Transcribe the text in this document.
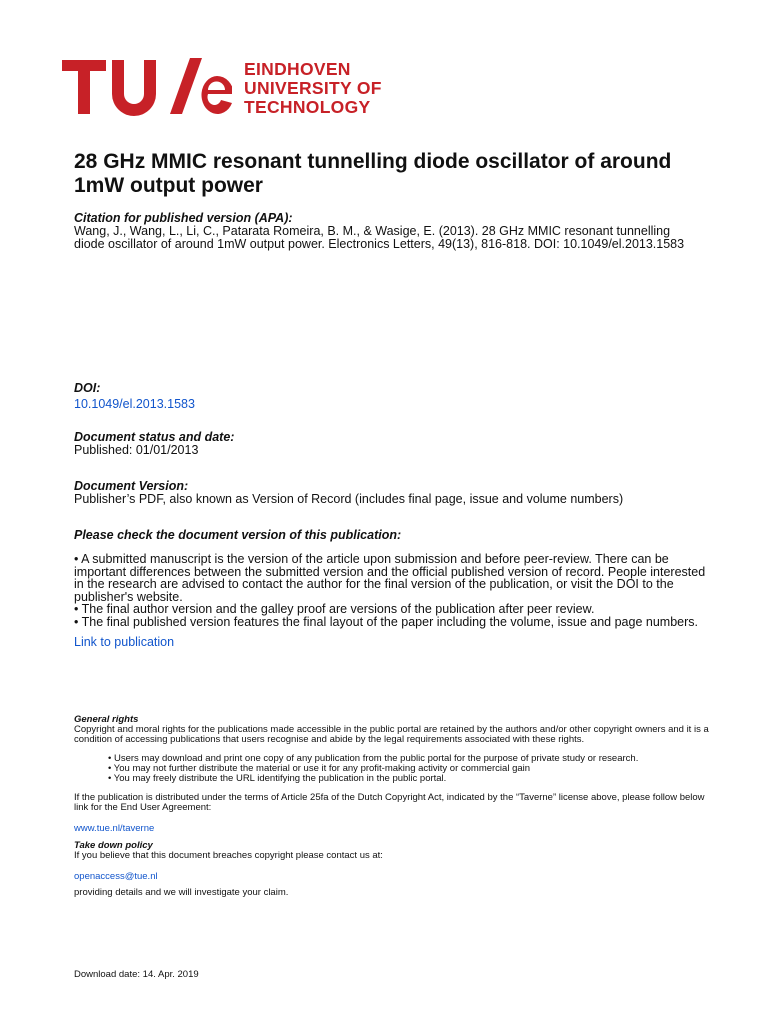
EINDHOVEN
UNIVERSITY OF
TECHNOLOGY
28 GHz MMIC resonant tunnelling diode oscillator of around 1mW output power
Citation for published version (APA):
Wang, J., Wang, L., Li, C., Patarata Romeira, B. M., & Wasige, E. (2013). 28 GHz MMIC resonant tunnelling
diode oscillator of around 1mW output power. Electronics Letters, 49(13), 816-818. DOI: 10.1049/el.2013.1583
DOI:
10.1049/el.2013.1583
Document status and date:
Published: 01/01/2013
Document Version:
Publisher’s PDF, also known as Version of Record (includes final page, issue and volume numbers)
Please check the document version of this publication:
• A submitted manuscript is the version of the article upon submission and before peer-review. There can be important differences between the submitted version and the official published version of record. People interested in the research are advised to contact the author for the final version of the publication, or visit the DOI to the publisher's website.
• The final author version and the galley proof are versions of the publication after peer review.
• The final published version features the final layout of the paper including the volume, issue and page numbers.
Link to publication
General rights
Copyright and moral rights for the publications made accessible in the public portal are retained by the authors and/or other copyright owners and it is a condition of accessing publications that users recognise and abide by the legal requirements associated with these rights.
• Users may download and print one copy of any publication from the public portal for the purpose of private study or research.
• You may not further distribute the material or use it for any profit-making activity or commercial gain
• You may freely distribute the URL identifying the publication in the public portal.
If the publication is distributed under the terms of Article 25fa of the Dutch Copyright Act, indicated by the “Taverne” license above, please follow below link for the End User Agreement:
www.tue.nl/taverne
Take down policy
If you believe that this document breaches copyright please contact us at:
openaccess@tue.nl
providing details and we will investigate your claim.
Download date: 14. Apr. 2019
